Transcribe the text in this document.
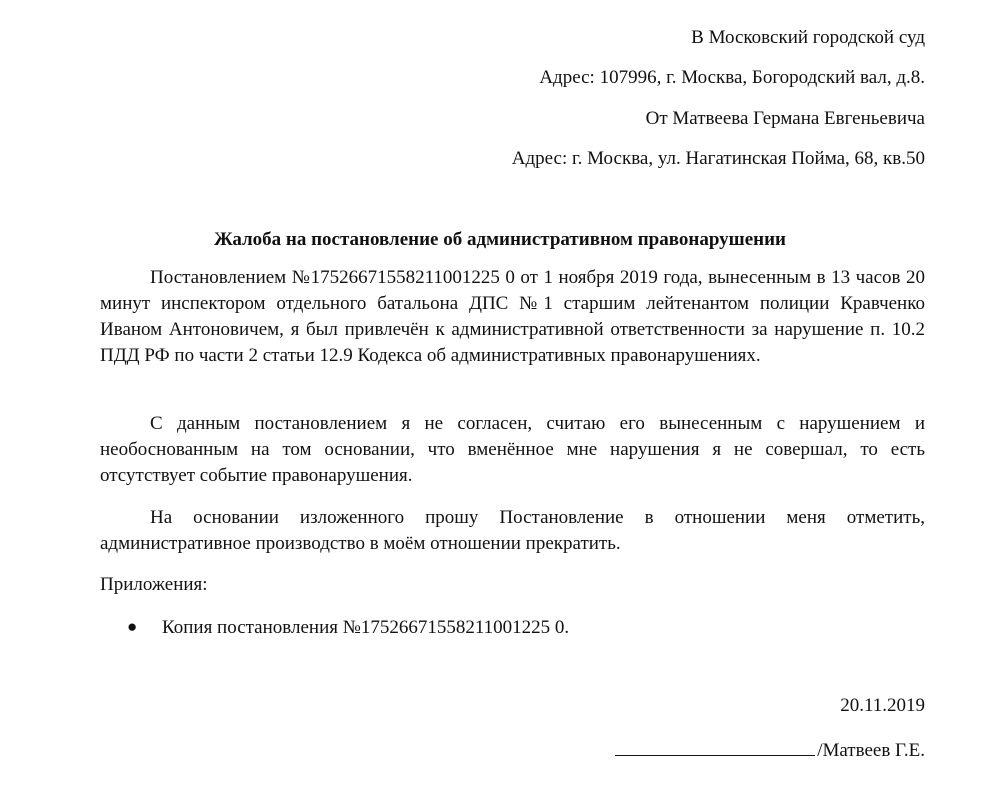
В Московский городской суд
Адрес: 107996, г. Москва, Богородский вал, д.8.
От Матвеева Германа Евгеньевича
Адрес: г. Москва, ул. Нагатинская Пойма, 68, кв.50
Жалоба на постановление об административном правонарушении

Постановлением №17526671558211001225 0 от 1 ноября 2019 года, вынесенным в 13 часов 20 минут инспектором отдельного батальона ДПС №1 старшим лейтенантом полиции Кравченко Иваном Антоновичем, я был привлечён к административной ответственности за нарушение п. 10.2 ПДД РФ по части 2 статьи 12.9 Кодекса об административных правонарушениях.

С данным постановлением я не согласен, считаю его вынесенным с нарушением и необоснованным на том основании, что вменённое мне нарушения я не совершал, то есть отсутствует событие правонарушения.

На основании изложенного прошу Постановление в отношении меня отметить, административное производство в моём отношении прекратить.

Приложения:
● Копия постановления №17526671558211001225 0.
20.11.2019
/Матвеев Г.Е.
